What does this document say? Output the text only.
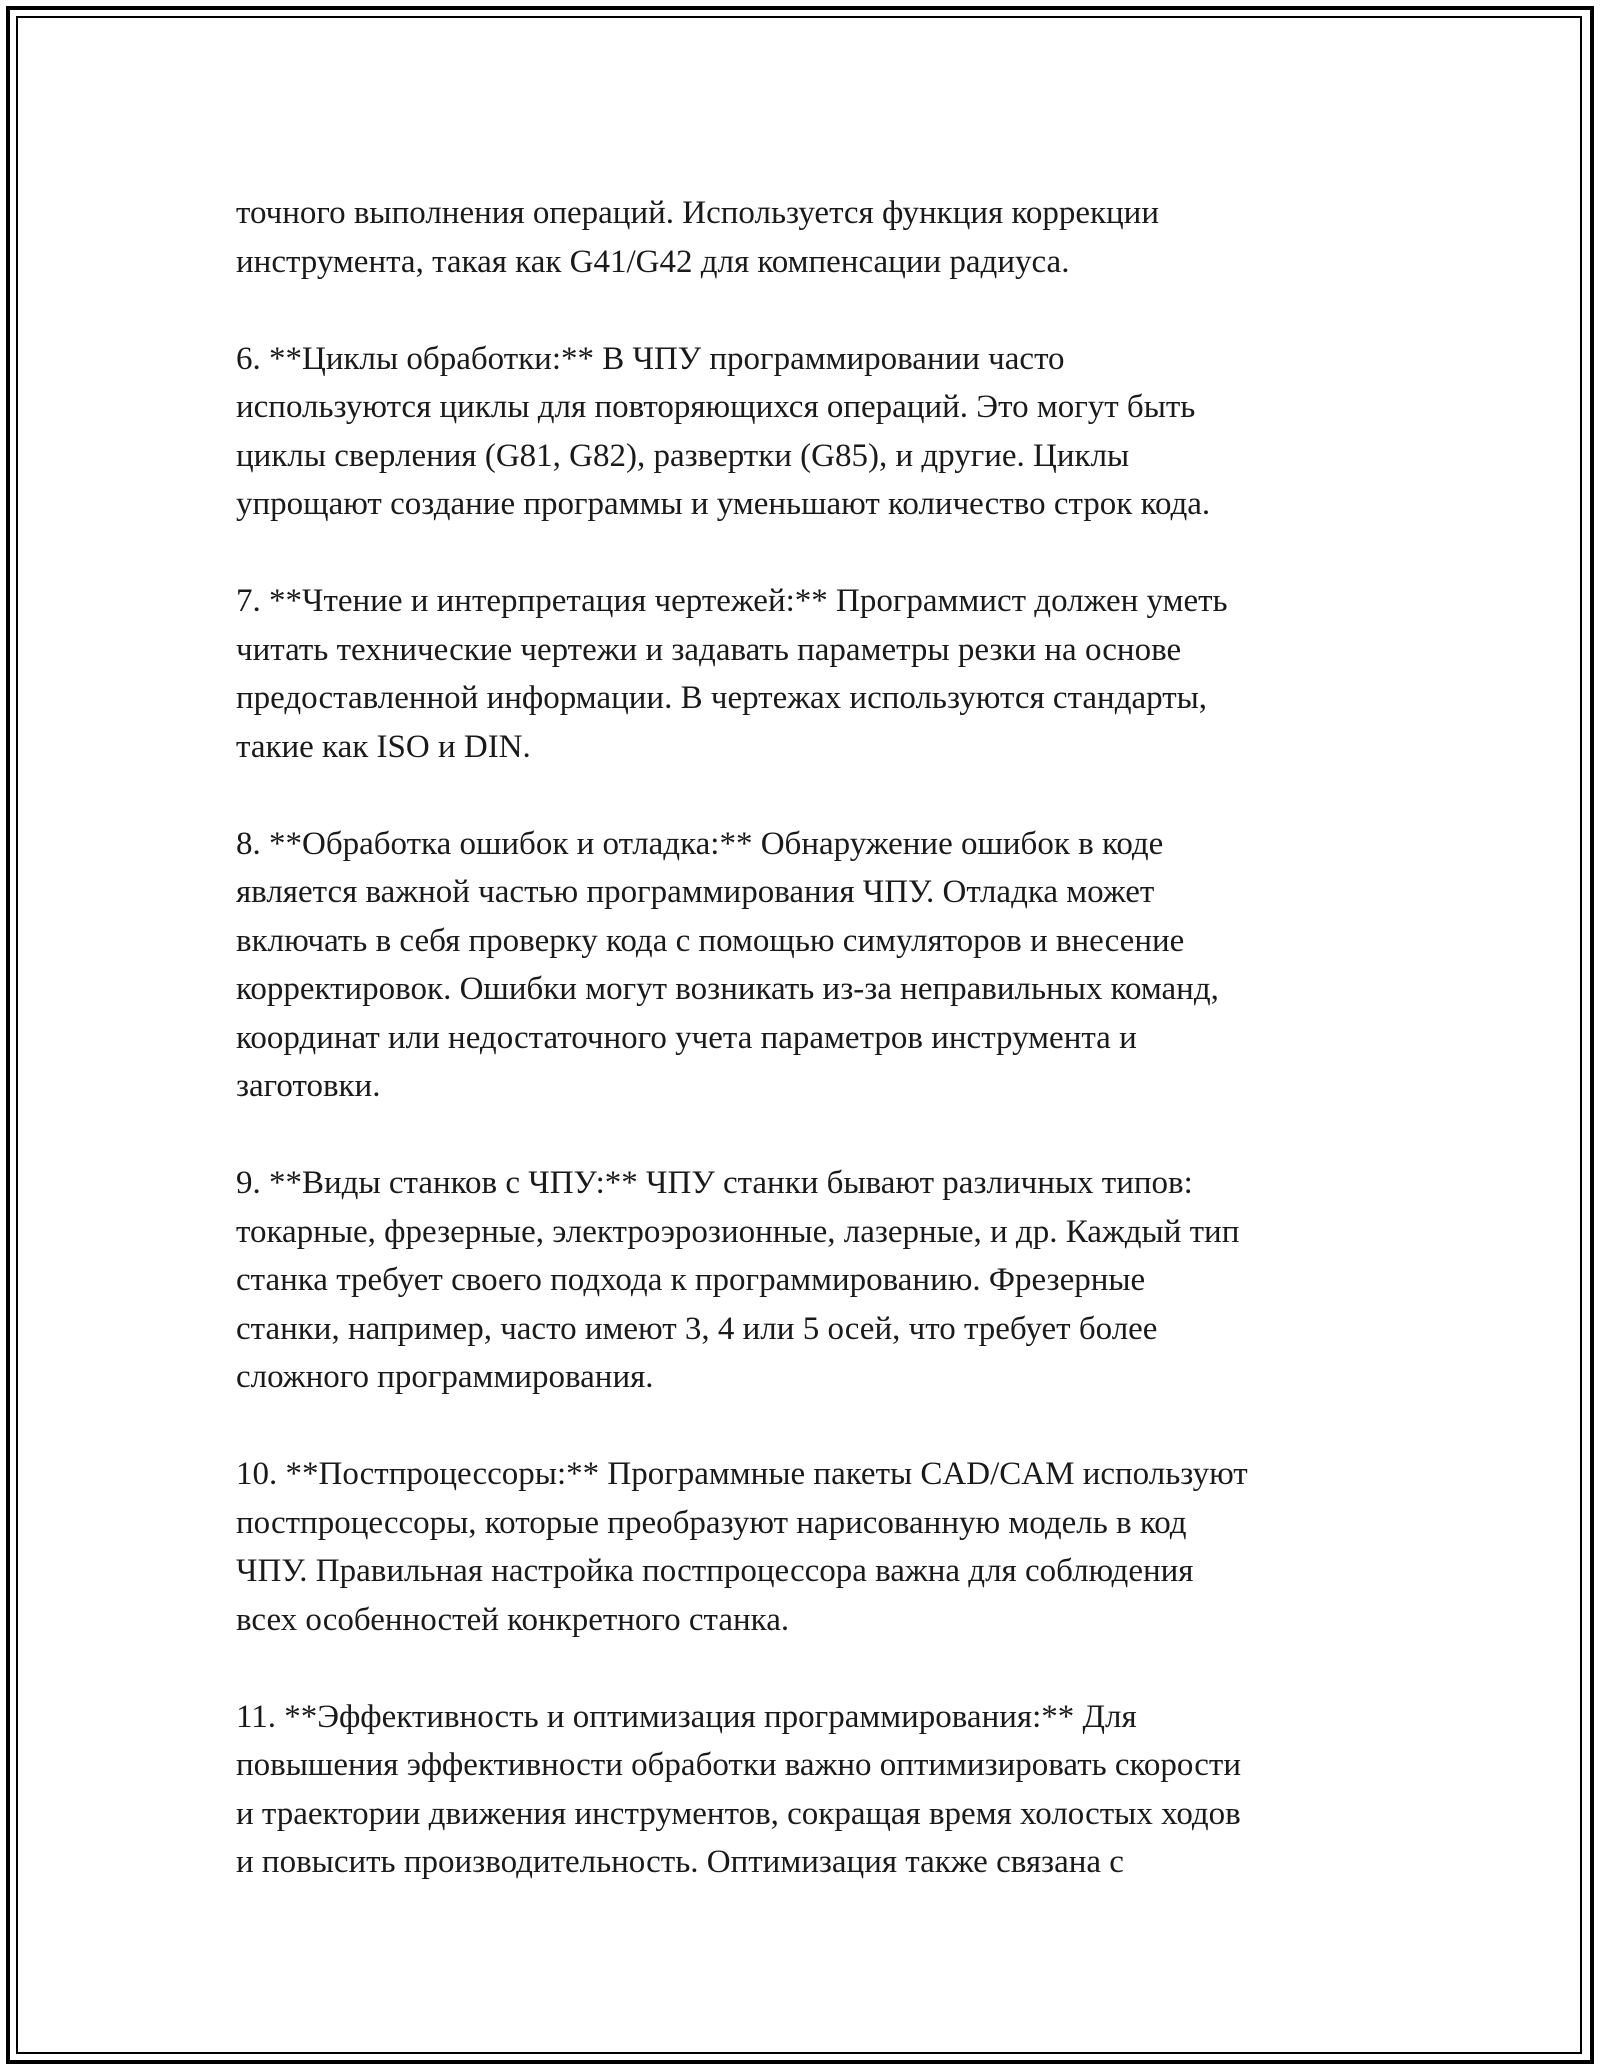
точного выполнения операций. Используется функция коррекции
инструмента, такая как G41/G42 для компенсации радиуса.

6. **Циклы обработки:** В ЧПУ программировании часто
используются циклы для повторяющихся операций. Это могут быть
циклы сверления (G81, G82), развертки (G85), и другие. Циклы
упрощают создание программы и уменьшают количество строк кода.

7. **Чтение и интерпретация чертежей:** Программист должен уметь
читать технические чертежи и задавать параметры резки на основе
предоставленной информации. В чертежах используются стандарты,
такие как ISO и DIN.

8. **Обработка ошибок и отладка:** Обнаружение ошибок в коде
является важной частью программирования ЧПУ. Отладка может
включать в себя проверку кода с помощью симуляторов и внесение
корректировок. Ошибки могут возникать из-за неправильных команд,
координат или недостаточного учета параметров инструмента и
заготовки.

9. **Виды станков с ЧПУ:** ЧПУ станки бывают различных типов:
токарные, фрезерные, электроэрозионные, лазерные, и др. Каждый тип
станка требует своего подхода к программированию. Фрезерные
станки, например, часто имеют 3, 4 или 5 осей, что требует более
сложного программирования.

10. **Постпроцессоры:** Программные пакеты CAD/CAM используют
постпроцессоры, которые преобразуют нарисованную модель в код
ЧПУ. Правильная настройка постпроцессора важна для соблюдения
всех особенностей конкретного станка.

11. **Эффективность и оптимизация программирования:** Для
повышения эффективности обработки важно оптимизировать скорости
и траектории движения инструментов, сокращая время холостых ходов
и повысить производительность. Оптимизация также связана с
